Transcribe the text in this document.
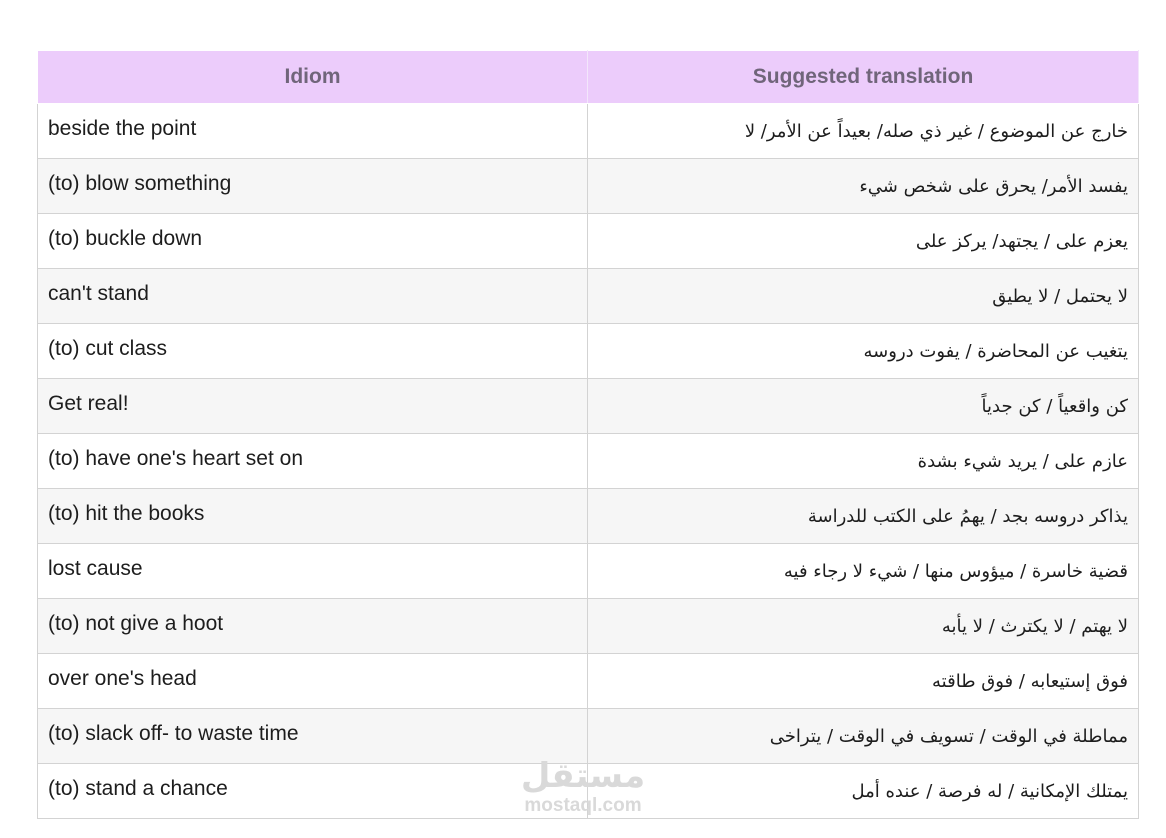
Idiom	Suggested translation
beside the point	خارج عن الموضوع / غير ذي صله/ بعيداً عن الأمر/ لا
(to) blow something	يفسد الأمر/ يحرق على شخص شيء
(to) buckle down	يعزم على / يجتهد/ يركز على
can't stand	لا يحتمل / لا يطيق
(to) cut class	يتغيب عن المحاضرة / يفوت دروسه
Get real!	كن واقعياً / كن جدياً
(to) have one's heart set on	عازم على / يريد شيء بشدة
(to) hit the books	يذاكر دروسه بجد / يهمُ على الكتب للدراسة
lost cause	قضية خاسرة / ميؤوس منها / شيء لا رجاء فيه
(to) not give a hoot	لا يهتم / لا يكترث / لا يأبه
over one's head	فوق إستيعابه / فوق طاقته
(to) slack off- to waste time	مماطلة في الوقت / تسويف في الوقت / يتراخى
(to) stand a chance	يمتلك الإمكانية / له فرصة / عنده أمل
مستقل
mostaql.com
